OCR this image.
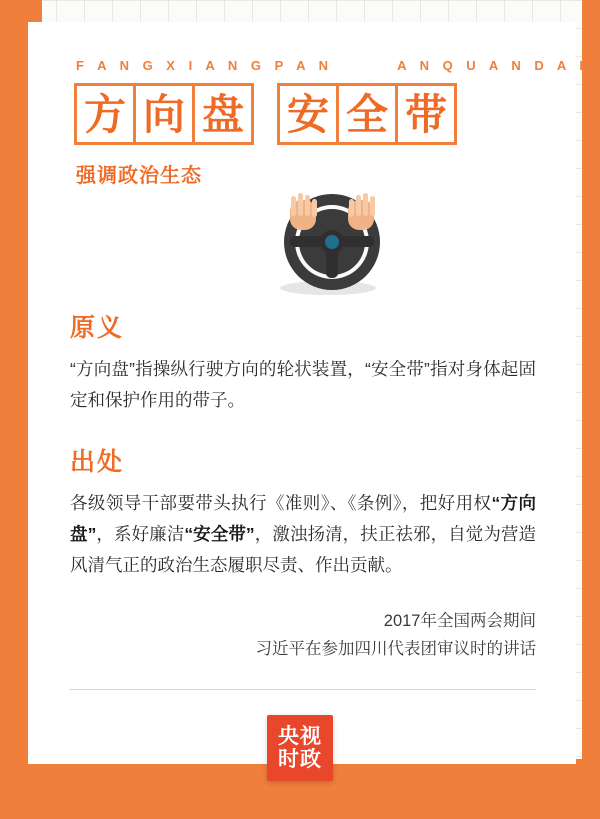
F A N G X I A N G P A N	A N Q U A N D A I
方 向 盘 安 全 带
强调政治生态
原义

“方向盘”指操纵行驶方向的轮状装置，“安全带”指对身体起固定和保护作用的带子。

出处

各级领导干部要带头执行《准则》、《条例》，把好用权“方向盘”，系好廉洁“安全带”，激浊扬清，扶正祛邪，自觉为营造风清气正的政治生态履职尽责、作出贡献。

2017年全国两会期间
习近平在参加四川代表团审议时的讲话
央视
时政
